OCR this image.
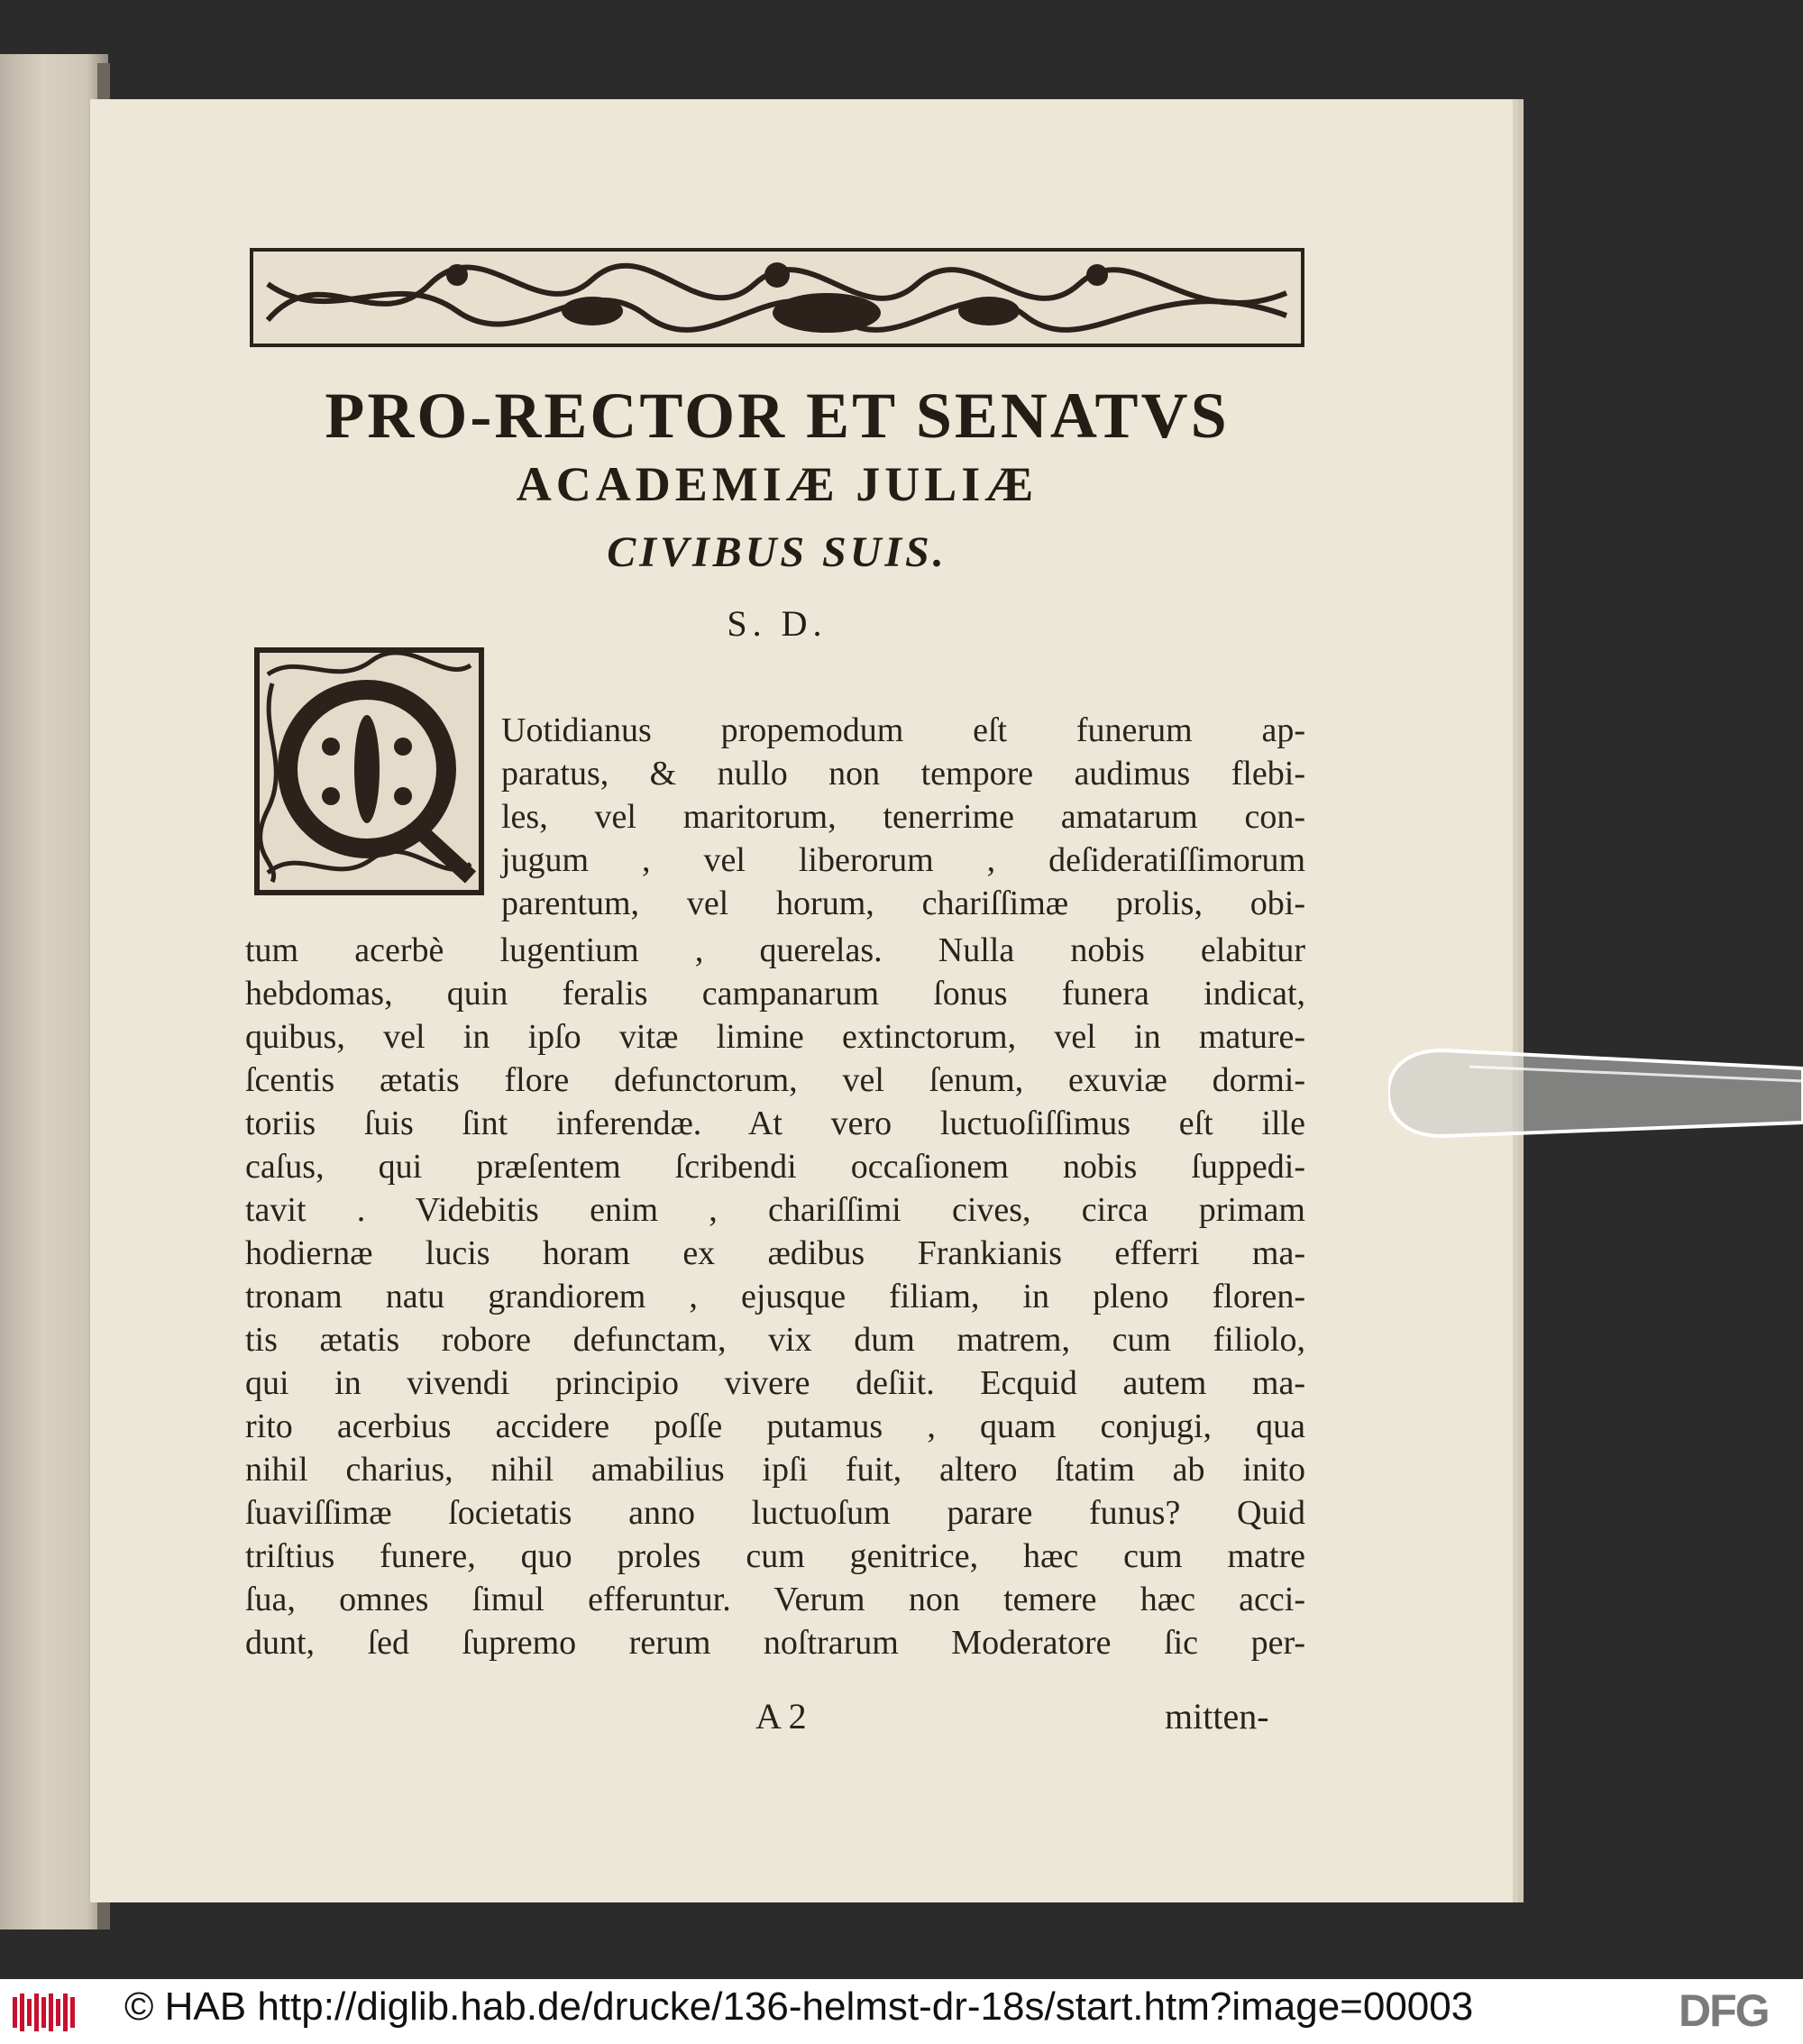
PRO-RECTOR ET SENATVS
ACADEMIÆ JULIÆ
CIVIBUS SUIS.
S. D.
Uotidianus propemodum eſt funerum ap-
paratus, & nullo non tempore audimus flebi-
les, vel maritorum, tenerrime amatarum con-
jugum , vel liberorum , deſideratiſſimorum
parentum, vel horum, chariſſimæ prolis, obi-
tum acerbè lugentium , querelas. Nulla nobis elabitur
hebdomas, quin feralis campanarum ſonus funera indicat,
quibus, vel in ipſo vitæ limine extinctorum, vel in mature-
ſcentis ætatis flore defunctorum, vel ſenum, exuviæ dormi-
toriis ſuis ſint inferendæ. At vero luctuoſiſſimus eſt ille
caſus, qui præſentem ſcribendi occaſionem nobis ſuppedi-
tavit . Videbitis enim , chariſſimi cives, circa primam
hodiernæ lucis horam ex ædibus Frankianis efferri ma-
tronam natu grandiorem , ejusque filiam, in pleno floren-
tis ætatis robore defunctam, vix dum matrem, cum filiolo,
qui in vivendi principio vivere deſiit. Ecquid autem ma-
rito acerbius accidere poſſe putamus , quam conjugi, qua
nihil charius, nihil amabilius ipſi fuit, altero ſtatim ab inito
ſuaviſſimæ ſocietatis anno luctuoſum parare funus? Quid
triſtius funere, quo proles cum genitrice, hæc cum matre
ſua, omnes ſimul efferuntur. Verum non temere hæc acci-
dunt, ſed ſupremo rerum noſtrarum Moderatore ſic per-
A 2	mitten-
© HAB http://diglib.hab.de/drucke/136-helmst-dr-18s/start.htm?image=00003	DFG
